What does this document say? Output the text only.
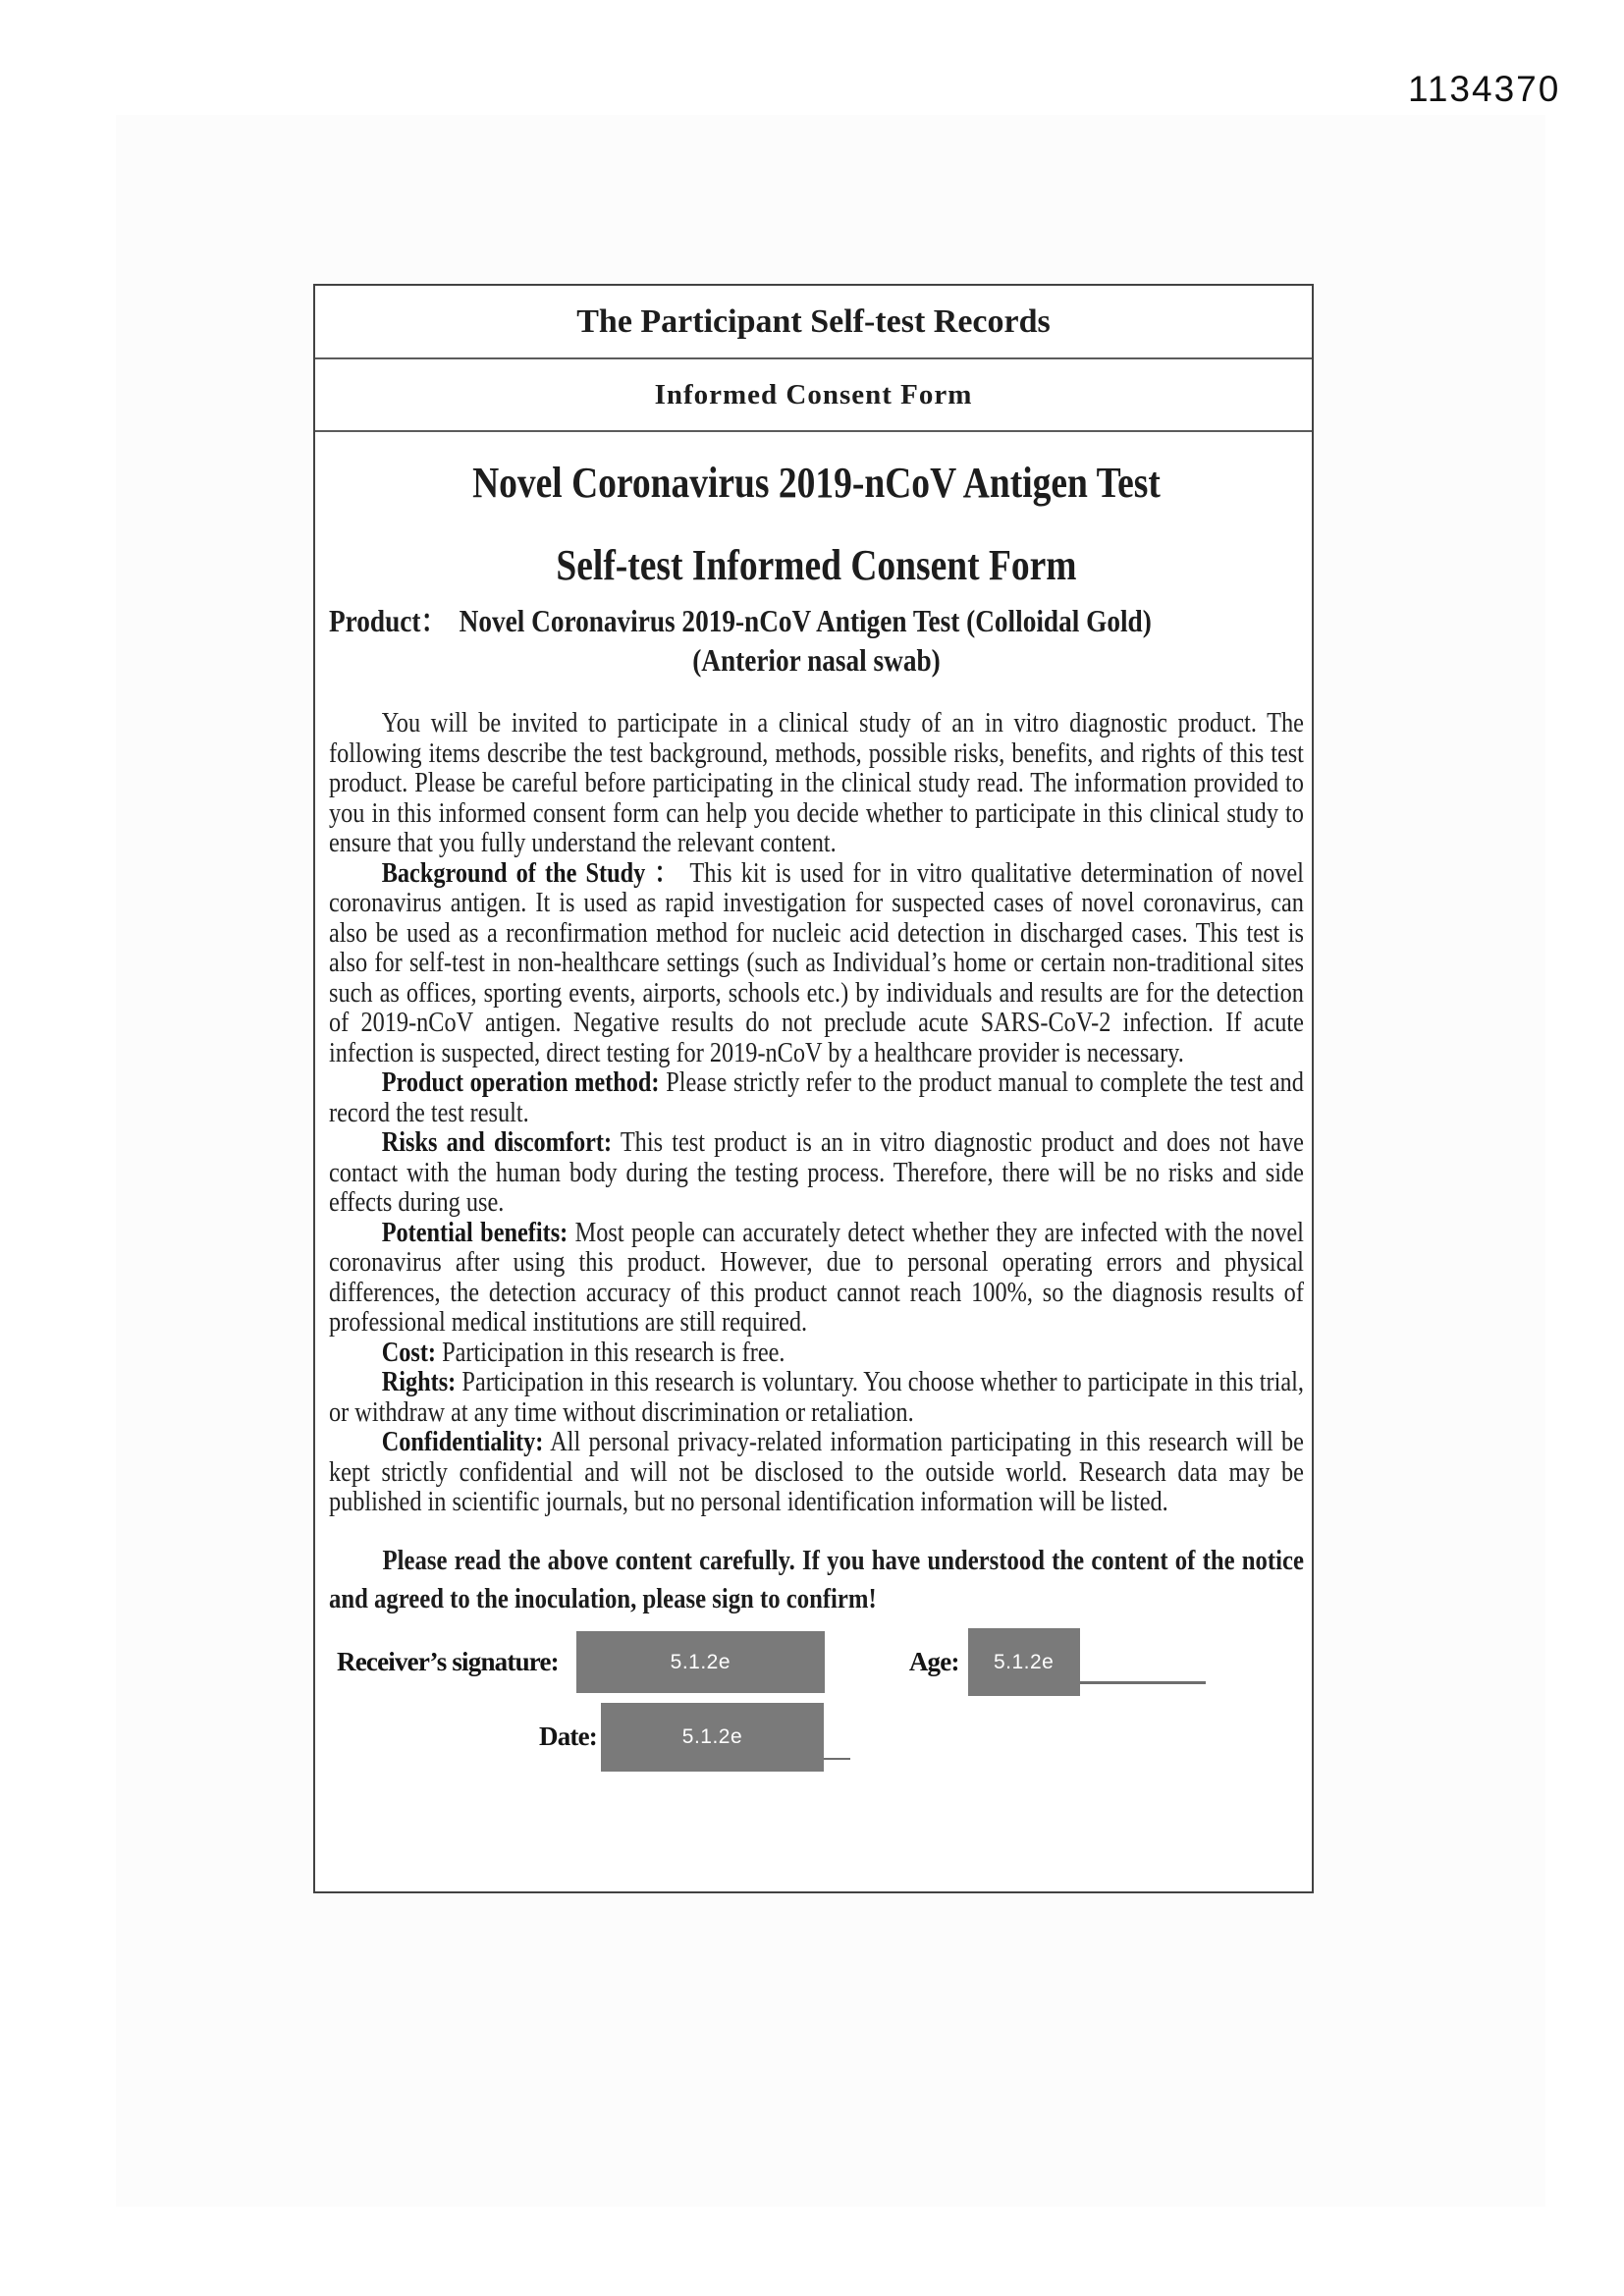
1134370
The Participant Self-test Records
Informed Consent Form
Novel Coronavirus 2019-nCoV Antigen Test
Self-test Informed Consent Form

Product： Novel Coronavirus 2019-nCoV Antigen Test (Colloidal Gold)

(Anterior nasal swab)

You will be invited to participate in a clinical study of an in vitro diagnostic product. The following items describe the test background, methods, possible risks, benefits, and rights of this test product. Please be careful before participating in the clinical study read. The information provided to you in this informed consent form can help you decide whether to participate in this clinical study to ensure that you fully understand the relevant content.

Background of the Study ： This kit is used for in vitro qualitative determination of novel coronavirus antigen. It is used as rapid investigation for suspected cases of novel coronavirus, can also be used as a reconfirmation method for nucleic acid detection in discharged cases. This test is also for self-test in non-healthcare settings (such as Individual’s home or certain non-traditional sites such as offices, sporting events, airports, schools etc.) by individuals and results are for the detection of 2019-nCoV antigen. Negative results do not preclude acute SARS-CoV-2 infection. If acute infection is suspected, direct testing for 2019-nCoV by a healthcare provider is necessary.

Product operation method: Please strictly refer to the product manual to complete the test and record the test result.

Risks and discomfort: This test product is an in vitro diagnostic product and does not have contact with the human body during the testing process. Therefore, there will be no risks and side effects during use.

Potential benefits: Most people can accurately detect whether they are infected with the novel coronavirus after using this product. However, due to personal operating errors and physical differences, the detection accuracy of this product cannot reach 100%, so the diagnosis results of professional medical institutions are still required.

Cost: Participation in this research is free.

Rights: Participation in this research is voluntary. You choose whether to participate in this trial, or withdraw at any time without discrimination or retaliation.

Confidentiality: All personal privacy-related information participating in this research will be kept strictly confidential and will not be disclosed to the outside world. Research data may be published in scientific journals, but no personal identification information will be listed.

Please read the above content carefully. If you have understood the content of the notice and agreed to the inoculation, please sign to confirm!

Receiver’s signature:	5.1.2e	Age:	5.1.2e
Date:	5.1.2e
